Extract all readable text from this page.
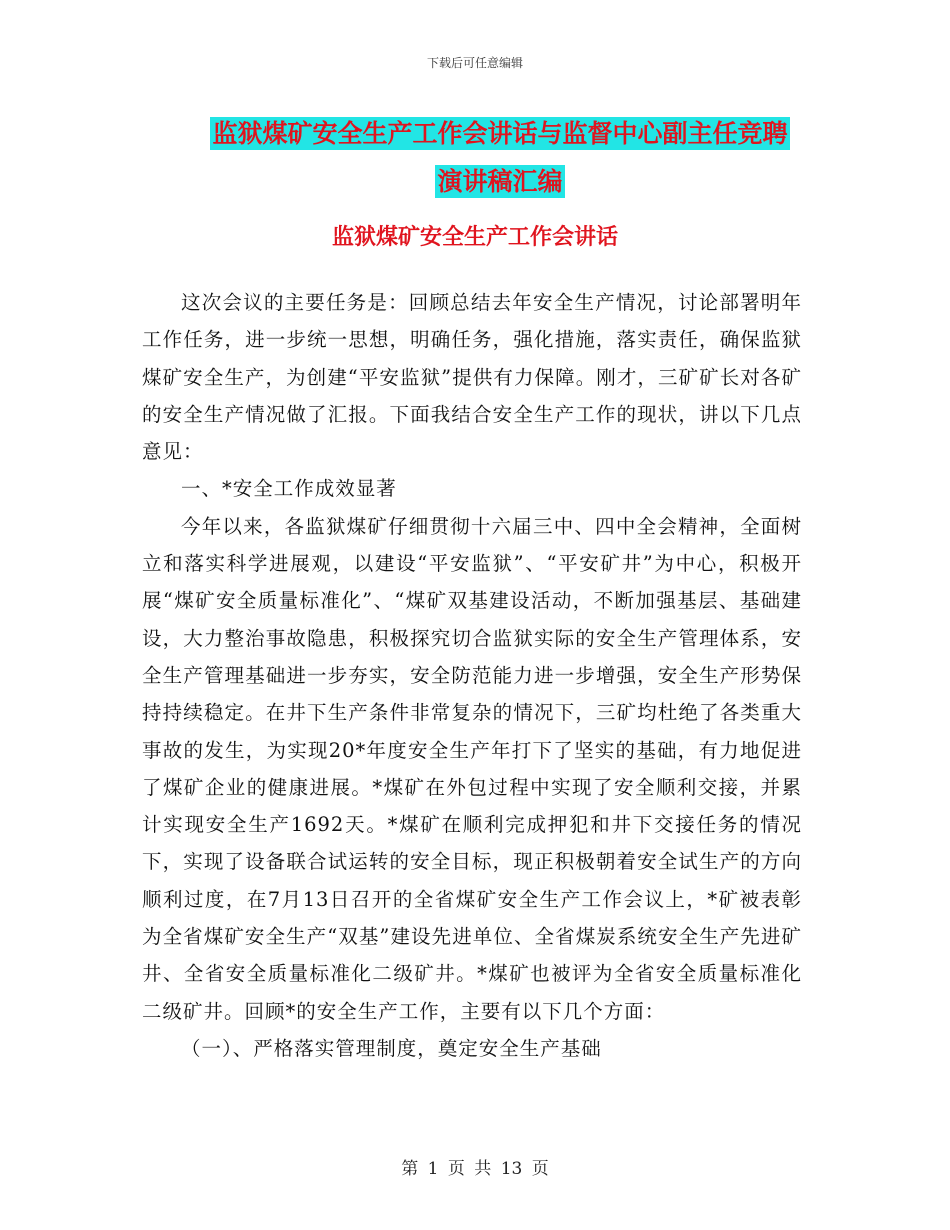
下载后可任意编辑
监狱煤矿安全生产工作会讲话与监督中心副主任竞聘
演讲稿汇编
监狱煤矿安全生产工作会讲话

这次会议的主要任务是：回顾总结去年安全生产情况，讨论部署明年工作任务，进一步统一思想，明确任务，强化措施，落实责任，确保监狱煤矿安全生产，为创建“平安监狱”提供有力保障。刚才，三矿矿长对各矿的安全生产情况做了汇报。下面我结合安全生产工作的现状，讲以下几点意见：

一、*安全工作成效显著

今年以来，各监狱煤矿仔细贯彻十六届三中、四中全会精神，全面树立和落实科学进展观，以建设“平安监狱”、“平安矿井”为中心，积极开展“煤矿安全质量标准化”、“煤矿双基建设活动，不断加强基层、基础建设，大力整治事故隐患，积极探究切合监狱实际的安全生产管理体系，安全生产管理基础进一步夯实，安全防范能力进一步增强，安全生产形势保持持续稳定。在井下生产条件非常复杂的情况下，三矿均杜绝了各类重大事故的发生，为实现20*年度安全生产年打下了坚实的基础，有力地促进了煤矿企业的健康进展。*煤矿在外包过程中实现了安全顺利交接，并累计实现安全生产1692天。*煤矿在顺利完成押犯和井下交接任务的情况下，实现了设备联合试运转的安全目标，现正积极朝着安全试生产的方向顺利过度，在7月13日召开的全省煤矿安全生产工作会议上，*矿被表彰为全省煤矿安全生产“双基”建设先进单位、全省煤炭系统安全生产先进矿井、全省安全质量标准化二级矿井。*煤矿也被评为全省安全质量标准化二级矿井。回顾*的安全生产工作，主要有以下几个方面：

（一）、严格落实管理制度，奠定安全生产基础

第 1 页 共 13 页
